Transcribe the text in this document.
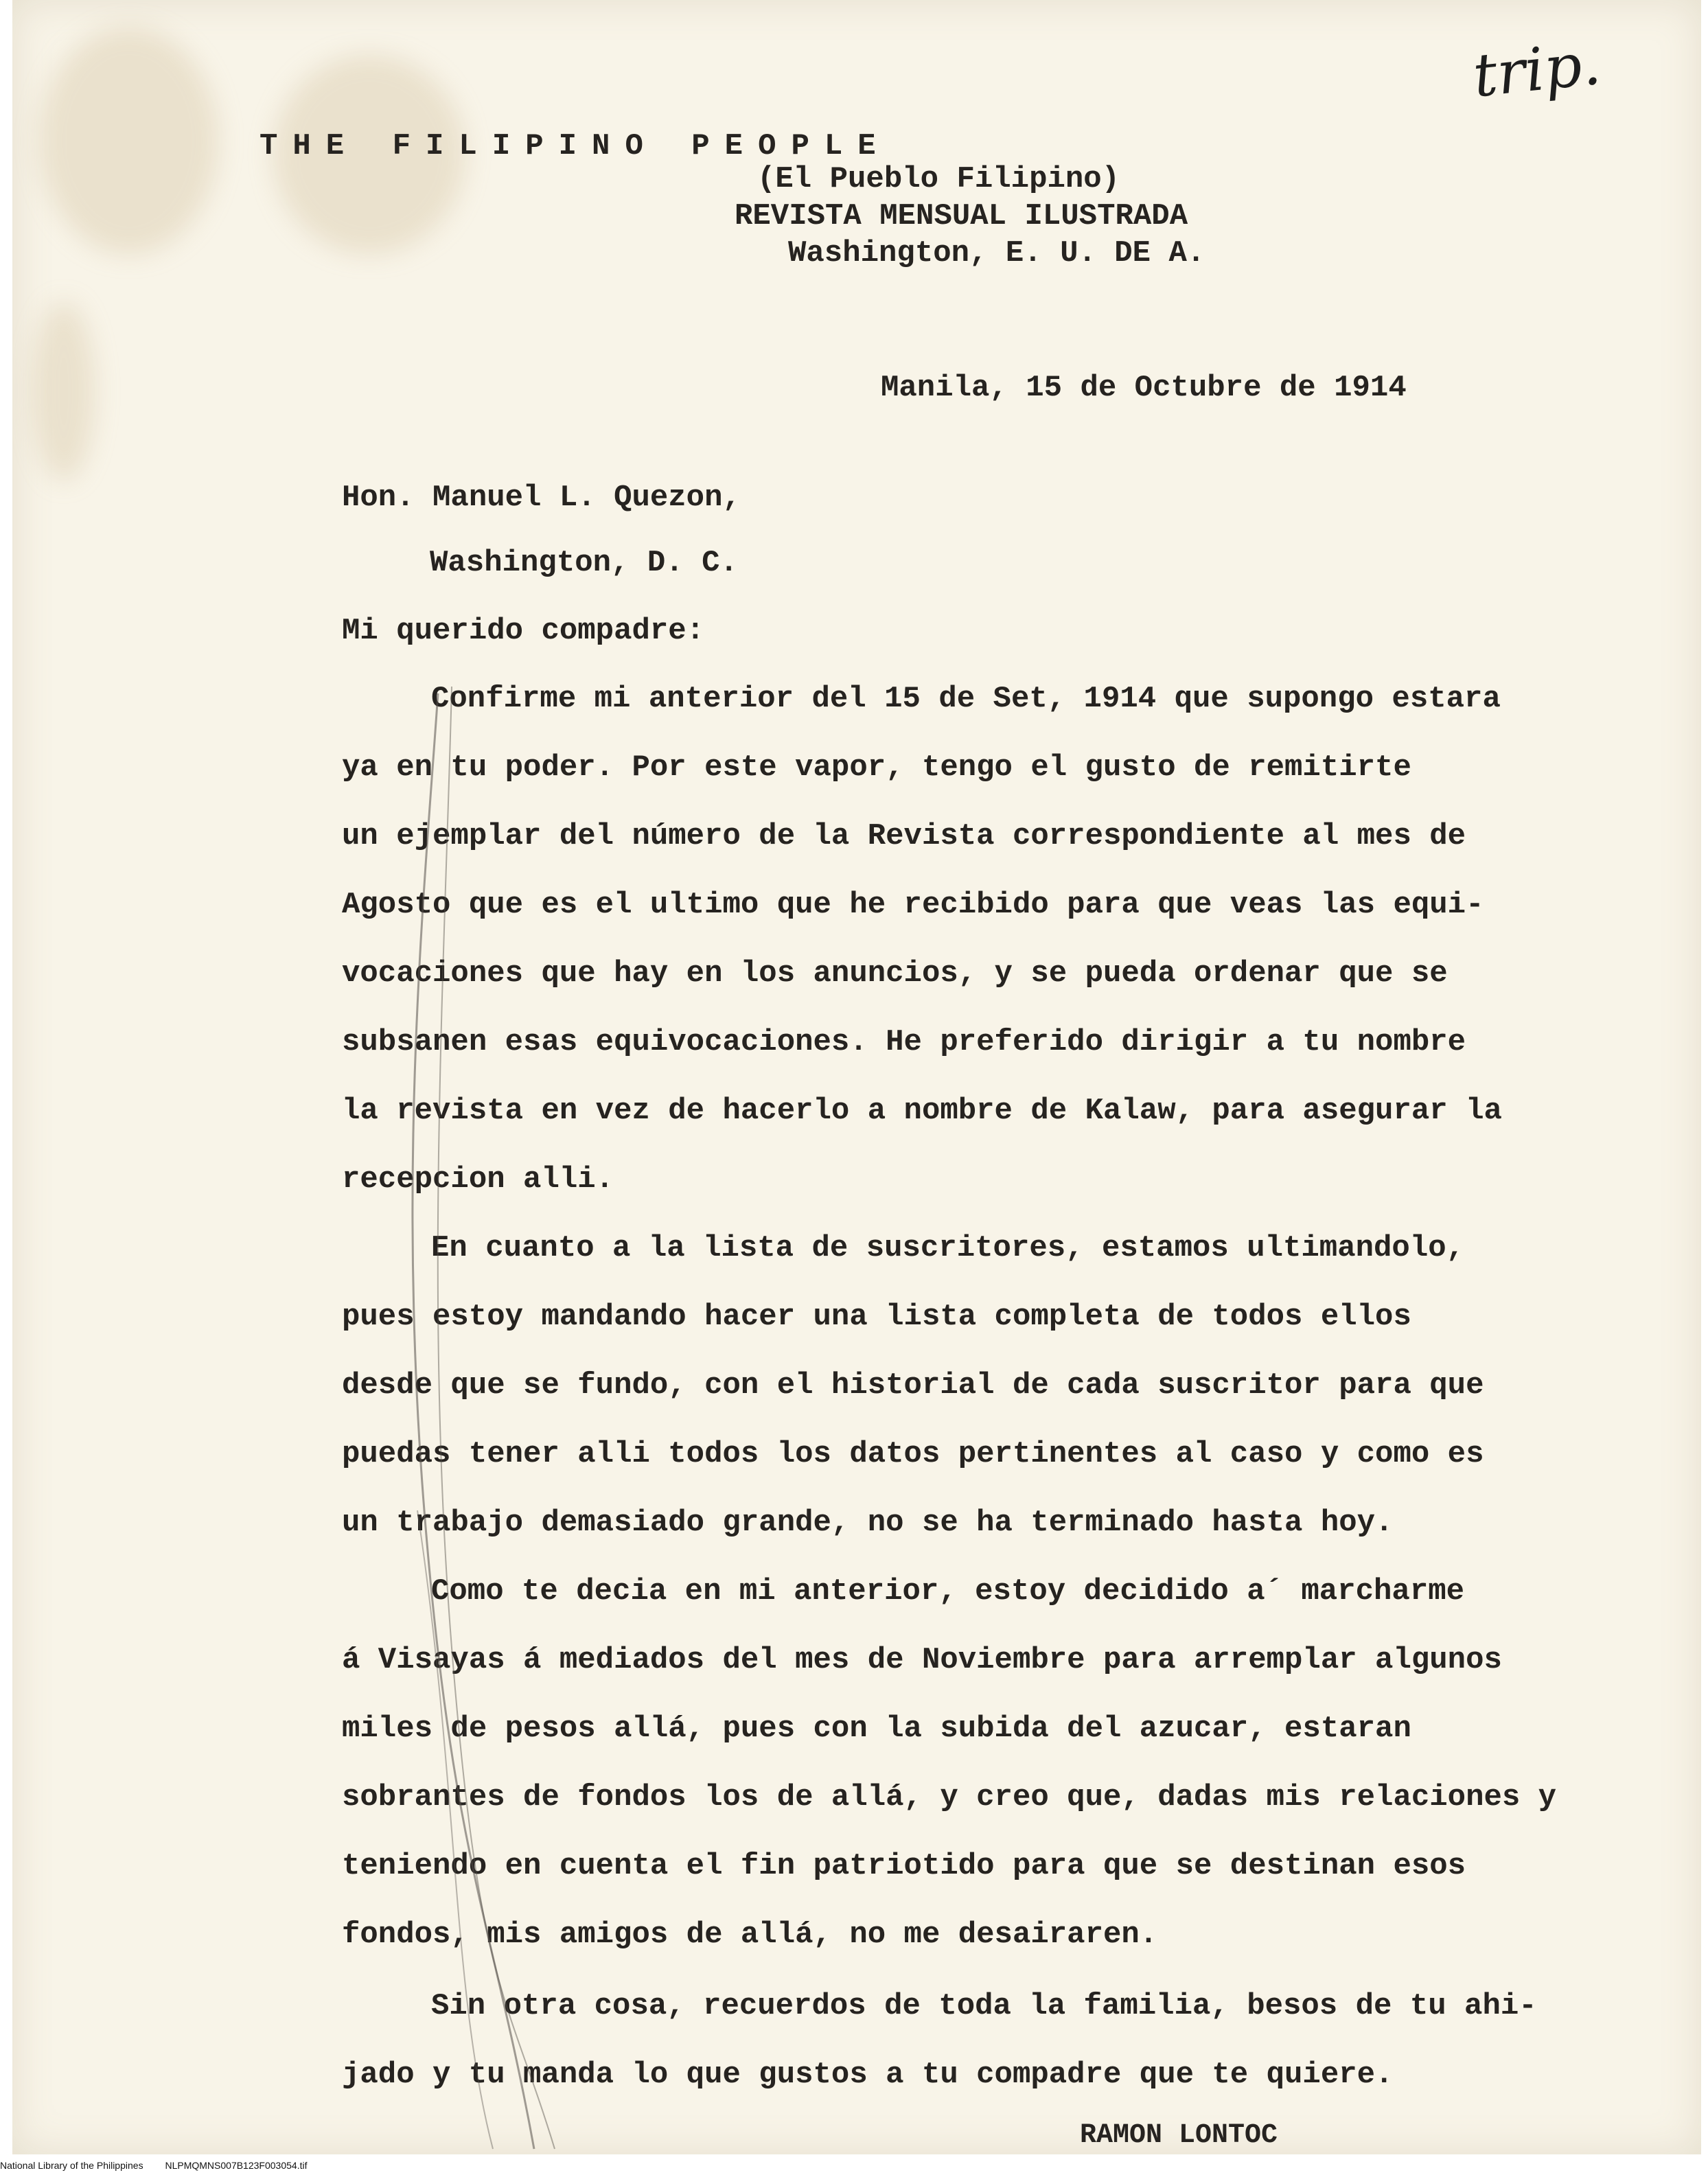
trip.
THE FILIPINO PEOPLE
(El Pueblo Filipino)
REVISTA MENSUAL ILUSTRADA
Washington, E. U. DE A.
Manila, 15 de Octubre de 1914
Hon. Manuel L. Quezon,
Washington, D. C.
Mi querido compadre:
Confirme mi anterior del 15 de Set, 1914 que supongo estara
ya en tu poder. Por este vapor, tengo el gusto de remitirte
un ejemplar del número de la Revista correspondiente al mes de
Agosto que es el ultimo que he recibido para que veas las equi-
vocaciones que hay en los anuncios, y se pueda ordenar que se
subsanen esas equivocaciones. He preferido dirigir a tu nombre
la revista en vez de hacerlo a nombre de Kalaw, para asegurar la
recepcion alli.
En cuanto a la lista de suscritores, estamos ultimandolo,
pues estoy mandando hacer una lista completa de todos ellos
desde que se fundo, con el historial de cada suscritor para que
puedas tener alli todos los datos pertinentes al caso y como es
un trabajo demasiado grande, no se ha terminado hasta hoy.
Como te decia en mi anterior, estoy decidido a´ marcharme
á Visayas á mediados del mes de Noviembre para arremplar algunos
miles de pesos allá, pues con la subida del azucar, estaran
sobrantes de fondos los de allá, y creo que, dadas mis relaciones y
teniendo en cuenta el fin patriotido para que se destinan esos
fondos, mis amigos de allá, no me desairaren.
Sin otra cosa, recuerdos de toda la familia, besos de tu ahi-
jado y tu manda lo que gustos a tu compadre que te quiere.
RAMON LONTOC
National Library of the Philippines NLPMQMNS007B123F003054.tif
